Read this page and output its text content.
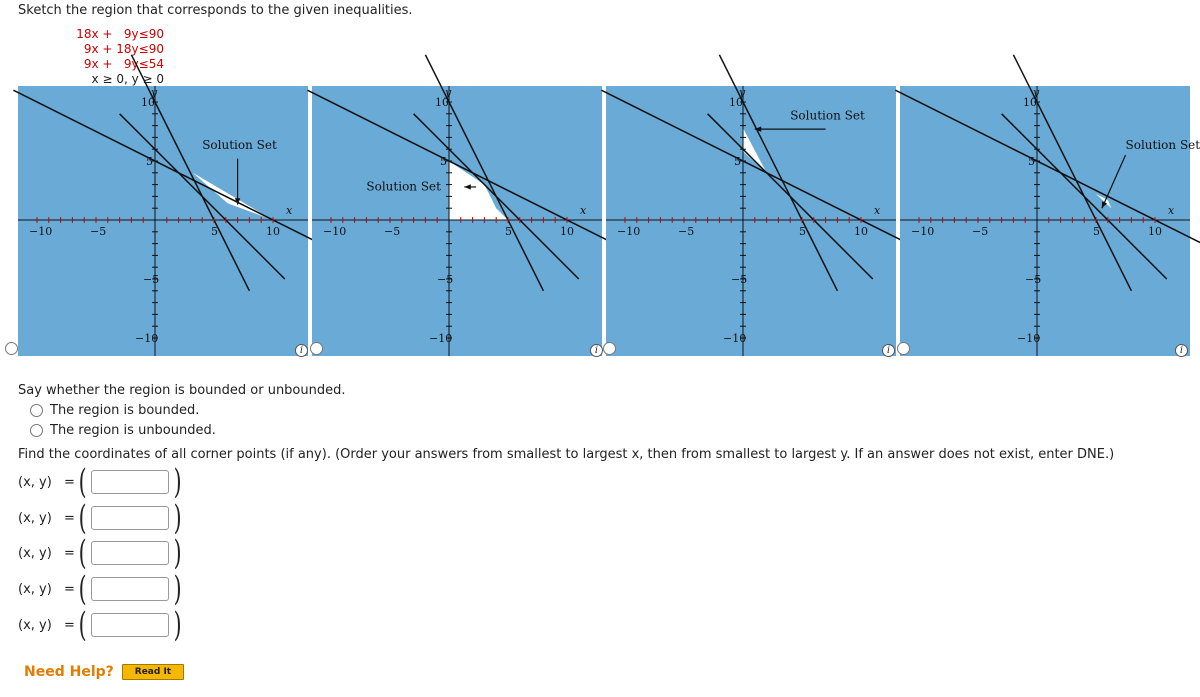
Sketch the region that corresponds to the given inequalities.
18x +   9y ≤ 90
9x + 18y ≤ 90
9x +   9y ≤ 54
x ≥ 0, y ≥ 0
−10	−5	5	10
10
5
−5
−10
x
y
Solution Set
−10	−5	5	10
10
5
−5
−10
x
y
Solution Set
−10	−5	5	10
10
5
−5
−10
x
y
Solution Set
−10	−5	5	10
10
5
−5
−10
x
y
Solution Set
i	i	i	i
Say whether the region is bounded or unbounded.
The region is bounded.
The region is unbounded.
Find the coordinates of all corner points (if any). (Order your answers from smallest to largest x, then from smallest to largest y. If an answer does not exist, enter DNE.)
(x, y) = (	)
(x, y) = (	)
(x, y) = (	)
(x, y) = (	)
(x, y) = (	)
Need Help?	Read It
